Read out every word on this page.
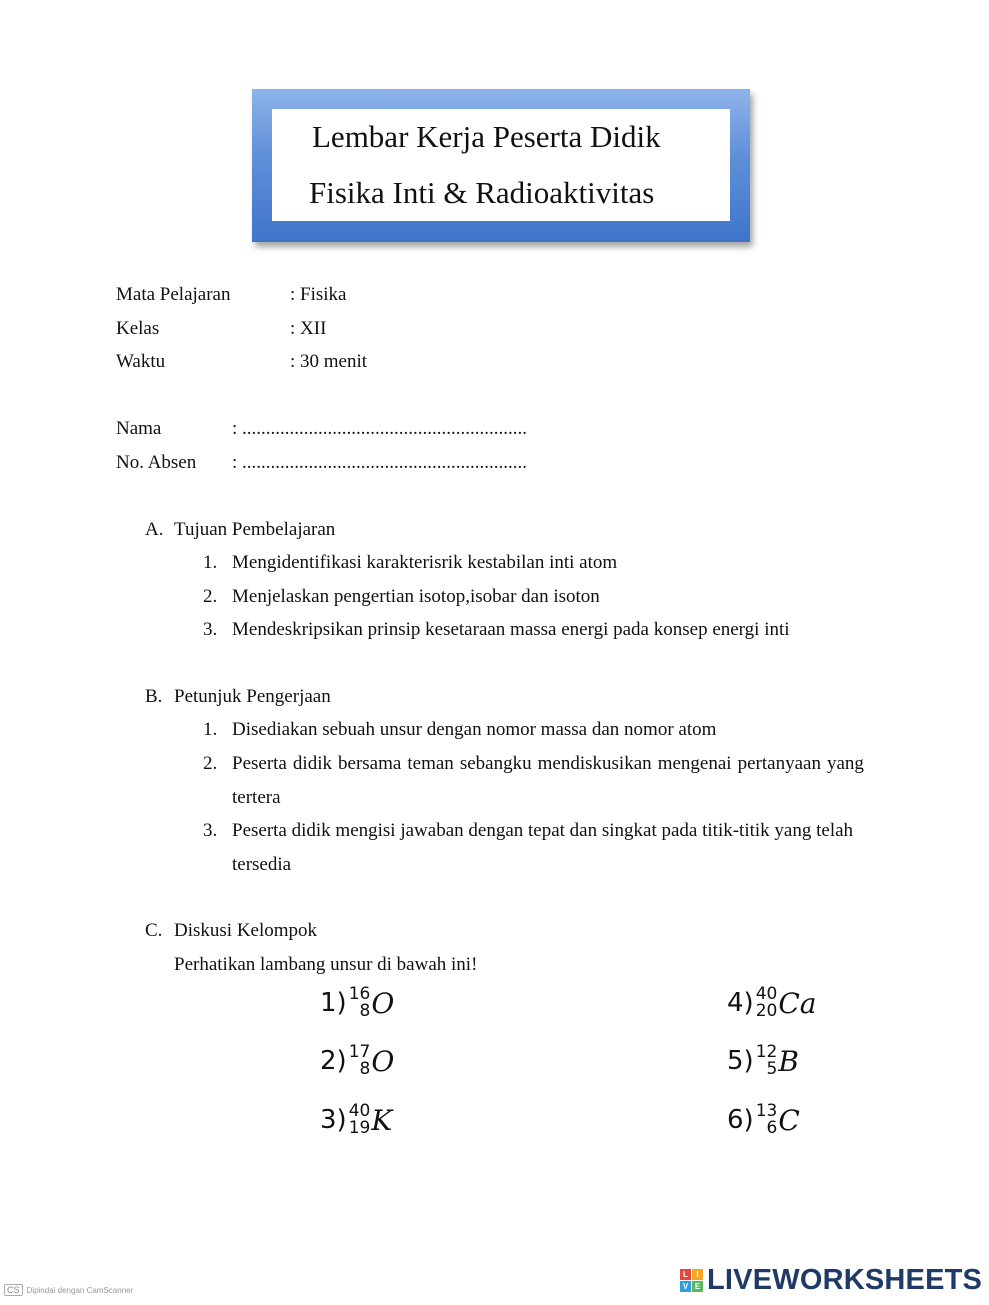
Lembar Kerja Peserta Didik
Fisika Inti & Radioaktivitas
Mata Pelajaran	: Fisika
Kelas	: XII
Waktu	: 30 menit
Nama	: ............................................................
No. Absen : ............................................................
A. Tujuan Pembelajaran
1. Mengidentifikasi karakterisrik kestabilan inti atom
2. Menjelaskan pengertian isotop,isobar dan isoton
3. Mendeskripsikan prinsip kesetaraan massa energi pada konsep energi inti
B. Petunjuk Pengerjaan
1. Disediakan sebuah unsur dengan nomor massa dan nomor atom
2. Peserta didik bersama teman sebangku mendiskusikan mengenai pertanyaan yang
tertera
3. Peserta didik mengisi jawaban dengan tepat dan singkat pada titik-titik yang telah
tersedia
C. Diskusi Kelompok
Perhatikan lambang unsur di bawah ini!
1) 16
8 O
2) 17
8 O
3) 40
19 K
4) 40
20 Ca
5) 12
5 B
6) 13
6 C
CS Dipindai dengan CamScanner
L	I
V E LIVEWORKSHEETS
